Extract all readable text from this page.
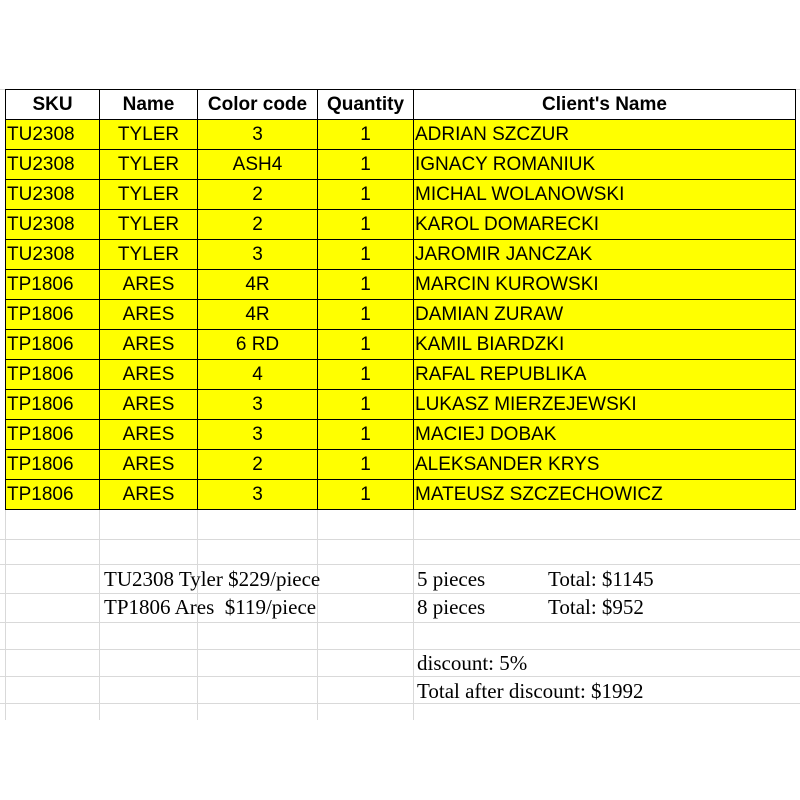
SKU	Name	Color code	Quantity	Client's Name
TU2308	TYLER	3	1	ADRIAN SZCZUR
TU2308	TYLER	ASH4	1	IGNACY ROMANIUK
TU2308	TYLER	2	1	MICHAL WOLANOWSKI
TU2308	TYLER	2	1	KAROL DOMARECKI
TU2308	TYLER	3	1	JAROMIR JANCZAK
TP1806	ARES	4R	1	MARCIN KUROWSKI
TP1806	ARES	4R	1	DAMIAN ZURAW
TP1806	ARES	6 RD	1	KAMIL BIARDZKI
TP1806	ARES	4	1	RAFAL REPUBLIKA
TP1806	ARES	3	1	LUKASZ MIERZEJEWSKI
TP1806	ARES	3	1	MACIEJ DOBAK
TP1806	ARES	2	1	ALEKSANDER KRYS
TP1806	ARES	3	1	MATEUSZ SZCZECHOWICZ
TU2308 Tyler $229/piece	5 pieces	Total: $1145
TP1806 Ares  $119/piece	8 pieces	Total: $952
discount: 5%
Total after discount: $1992
